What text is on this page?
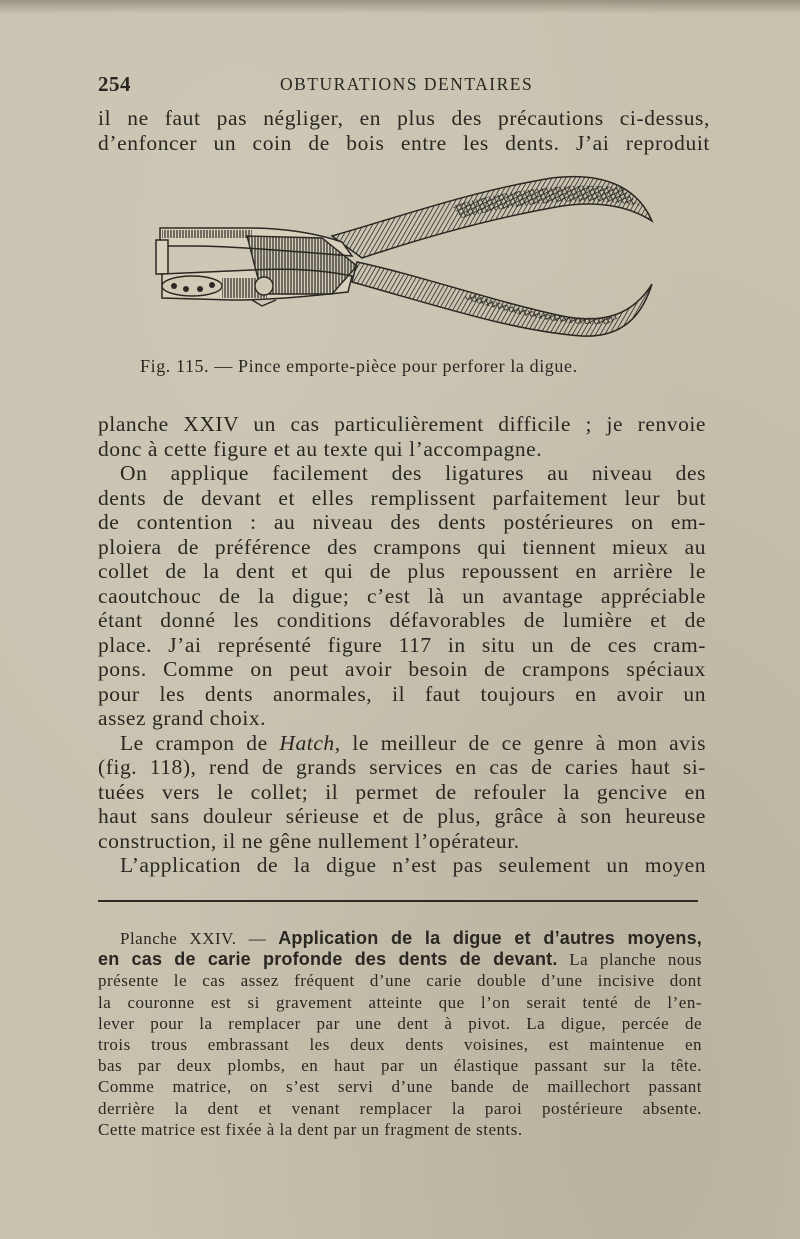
254	OBTURATIONS DENTAIRES
il ne faut pas négliger, en plus des précautions ci-dessus,
d’enfoncer un coin de bois entre les dents. J’ai reproduit
Fig. 115. — Pince emporte-pièce pour perforer la digue.
planche XXIV un cas particulièrement difficile ; je renvoie
donc à cette figure et au texte qui l’accompagne.
On applique facilement des ligatures au niveau des
dents de devant et elles remplissent parfaitement leur but
de contention : au niveau des dents postérieures on em-
ploiera de préférence des crampons qui tiennent mieux au
collet de la dent et qui de plus repoussent en arrière le
caoutchouc de la digue; c’est là un avantage appréciable
étant donné les conditions défavorables de lumière et de
place. J’ai représenté figure 117 in situ un de ces cram-
pons. Comme on peut avoir besoin de crampons spéciaux
pour les dents anormales, il faut toujours en avoir un
assez grand choix.
Le crampon de Hatch, le meilleur de ce genre à mon avis
(fig. 118), rend de grands services en cas de caries haut si-
tuées vers le collet; il permet de refouler la gencive en
haut sans douleur sérieuse et de plus, grâce à son heureuse
construction, il ne gêne nullement l’opérateur.
L’application de la digue n’est pas seulement un moyen
Planche XXIV. — Application de la digue et d’autres moyens,
en cas de carie profonde des dents de devant. La planche nous
présente le cas assez fréquent d’une carie double d’une incisive dont
la couronne est si gravement atteinte que l’on serait tenté de l’en-
lever pour la remplacer par une dent à pivot. La digue, percée de
trois trous embrassant les deux dents voisines, est maintenue en
bas par deux plombs, en haut par un élastique passant sur la tête.
Comme matrice, on s’est servi d’une bande de maillechort passant
derrière la dent et venant remplacer la paroi postérieure absente.
Cette matrice est fixée à la dent par un fragment de stents.
